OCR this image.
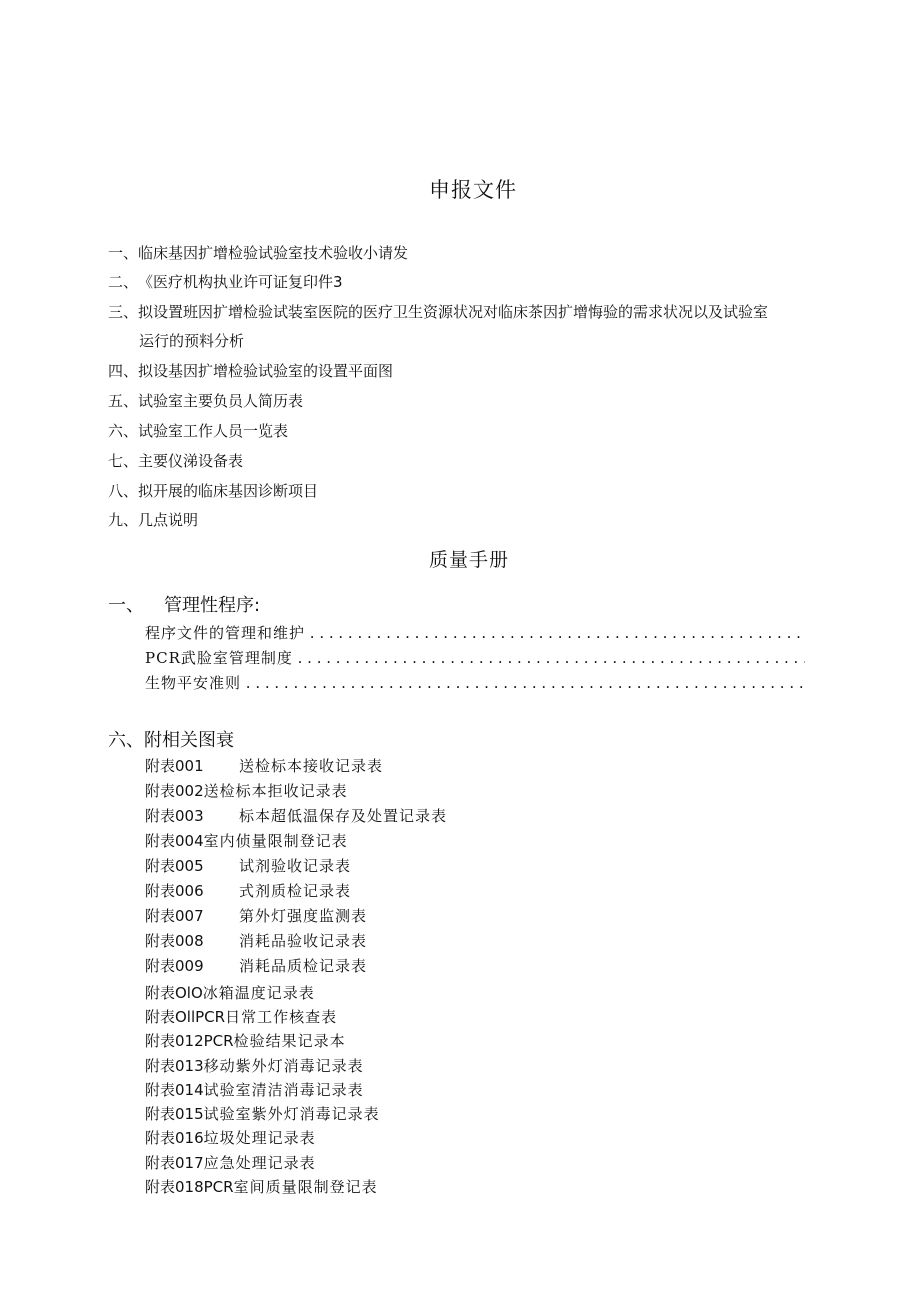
申报文件
一、临床基因扩增检验试验室技术验收小请发
二、《医疗机构执业许可证复印件3
三、拟设置班因扩增检验试装室医院的医疗卫生资源状况对临床茶因扩增悔验的需求状况以及试验室
运行的预料分析
四、拟设基因扩增检验试验室的设置平面图
五、试验室主要负员人简历表
六、试验室工作人员一览表
七、主要仪涕设备表
八、拟开展的临床基因诊断项目
九、几点说明
质量手册
一、 管理性程序:
程序文件的管理和维护 . . .
PCR武脸室管理制度 . . .
生物平安准则 . . .
六、附相关图衰
附表001 送检标本接收记录表
附表002送检标本拒收记录表
附表003 标本超低温保存及处置记录表
附表004室内侦量限制登记表
附表005 试剂验收记录表
附表006 式剂质检记录表
附表007 第外灯强度监测表
附表008 消耗品验收记录表
附表009 消耗品质检记录表
附表OlO冰箱温度记录表
附表OllPCR日常工作核查表
附表012PCR检验结果记录本
附表013移动紫外灯消毒记录表
附表014试验室清洁消毒记录表
附表015试验室紫外灯消毒记录表
附表016垃圾处理记录表
附表017应急处理记录表
附表018PCR室间质量限制登记表
